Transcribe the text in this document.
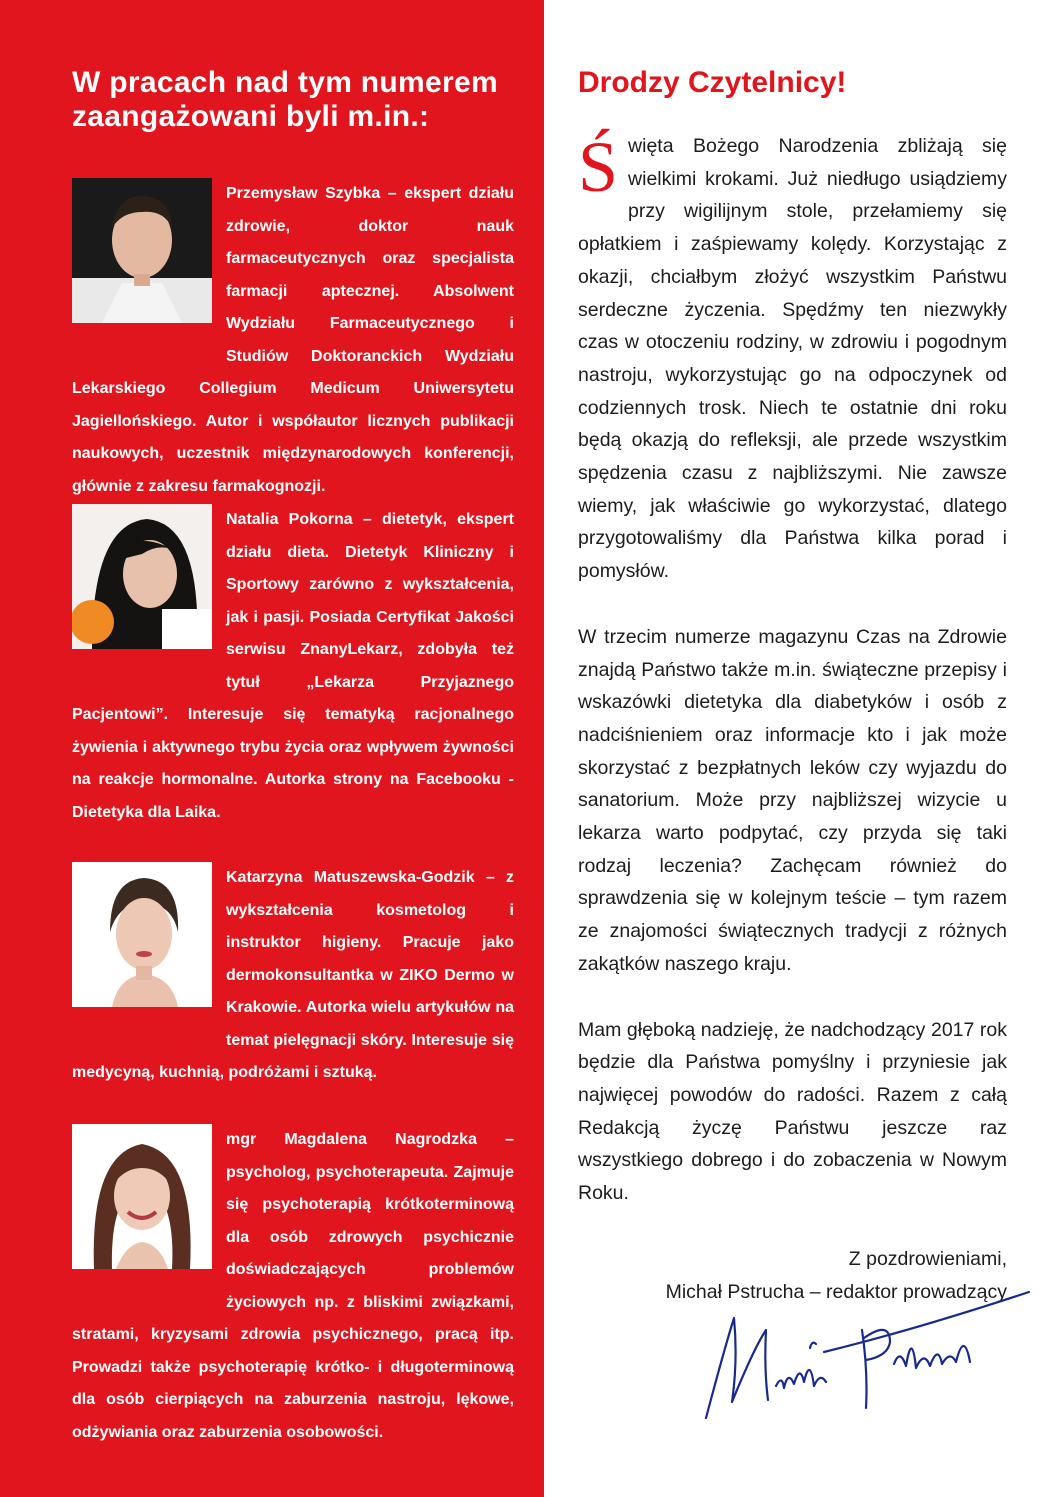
W pracach nad tym numerem zaangażowani byli m.in.:

Przemysław Szybka – ekspert działu zdrowie, doktor nauk farmaceutycznych oraz specjalista farmacji aptecznej. Absolwent Wydziału Farmaceutycznego i Studiów Doktoranckich Wydziału Lekarskiego Collegium Medicum Uniwersytetu Jagiellońskiego. Autor i współautor licznych publikacji naukowych, uczestnik międzynarodowych konferencji, głównie z zakresu farmakognozji.

Natalia Pokorna – dietetyk, ekspert działu dieta. Dietetyk Kliniczny i Sportowy zarówno z wykształcenia, jak i pasji. Posiada Certyfikat Jakości serwisu ZnanyLekarz, zdobyła też tytuł „Lekarza Przyjaznego Pacjentowi”. Interesuje się tematyką racjonalnego żywienia i aktywnego trybu życia oraz wpływem żywności na reakcje hormonalne. Autorka strony na Facebooku - Dietetyka dla Laika.

Katarzyna Matuszewska-Godzik – z wykształcenia kosmetolog i instruktor higieny. Pracuje jako dermokonsultantka w ZIKO Dermo w Krakowie. Autorka wielu artykułów na temat pielęgnacji skóry. Interesuje się medycyną, kuchnią, podróżami i sztuką.

mgr Magdalena Nagrodzka – psycholog, psychoterapeuta. Zajmuje się psychoterapią krótkoterminową dla osób zdrowych psychicznie doświadczających problemów życiowych np. z bliskimi związkami, stratami, kryzysami zdrowia psychicznego, pracą itp. Prowadzi także psychoterapię krótko- i długoterminową dla osób cierpiących na zaburzenia nastroju, lękowe, odżywiania oraz zaburzenia osobowości.

Drodzy Czytelnicy!

Święta Bożego Narodzenia zbliżają się wielkimi krokami. Już niedługo usiądziemy przy wigilijnym stole, przełamiemy się opłatkiem i zaśpiewamy kolędy. Korzystając z okazji, chciałbym złożyć wszystkim Państwu serdeczne życzenia. Spędźmy ten niezwykły czas w otoczeniu rodziny, w zdrowiu i pogodnym nastroju, wykorzystując go na odpoczynek od codziennych trosk. Niech te ostatnie dni roku będą okazją do refleksji, ale przede wszystkim spędzenia czasu z najbliższymi. Nie zawsze wiemy, jak właściwie go wykorzystać, dlatego przygotowaliśmy dla Państwa kilka porad i pomysłów.

W trzecim numerze magazynu Czas na Zdrowie znajdą Państwo także m.in. świąteczne przepisy i wskazówki dietetyka dla diabetyków i osób z nadciśnieniem oraz informacje kto i jak może skorzystać z bezpłatnych leków czy wyjazdu do sanatorium. Może przy najbliższej wizycie u lekarza warto podpytać, czy przyda się taki rodzaj leczenia? Zachęcam również do sprawdzenia się w kolejnym teście – tym razem ze znajomości świątecznych tradycji z różnych zakątków naszego kraju.

Mam głęboką nadzieję, że nadchodzący 2017 rok będzie dla Państwa pomyślny i przyniesie jak najwięcej powodów do radości. Razem z całą Redakcją życzę Państwu jeszcze raz wszystkiego dobrego i do zobaczenia w Nowym Roku.

Z pozdrowieniami,
Michał Pstrucha – redaktor prowadzący
